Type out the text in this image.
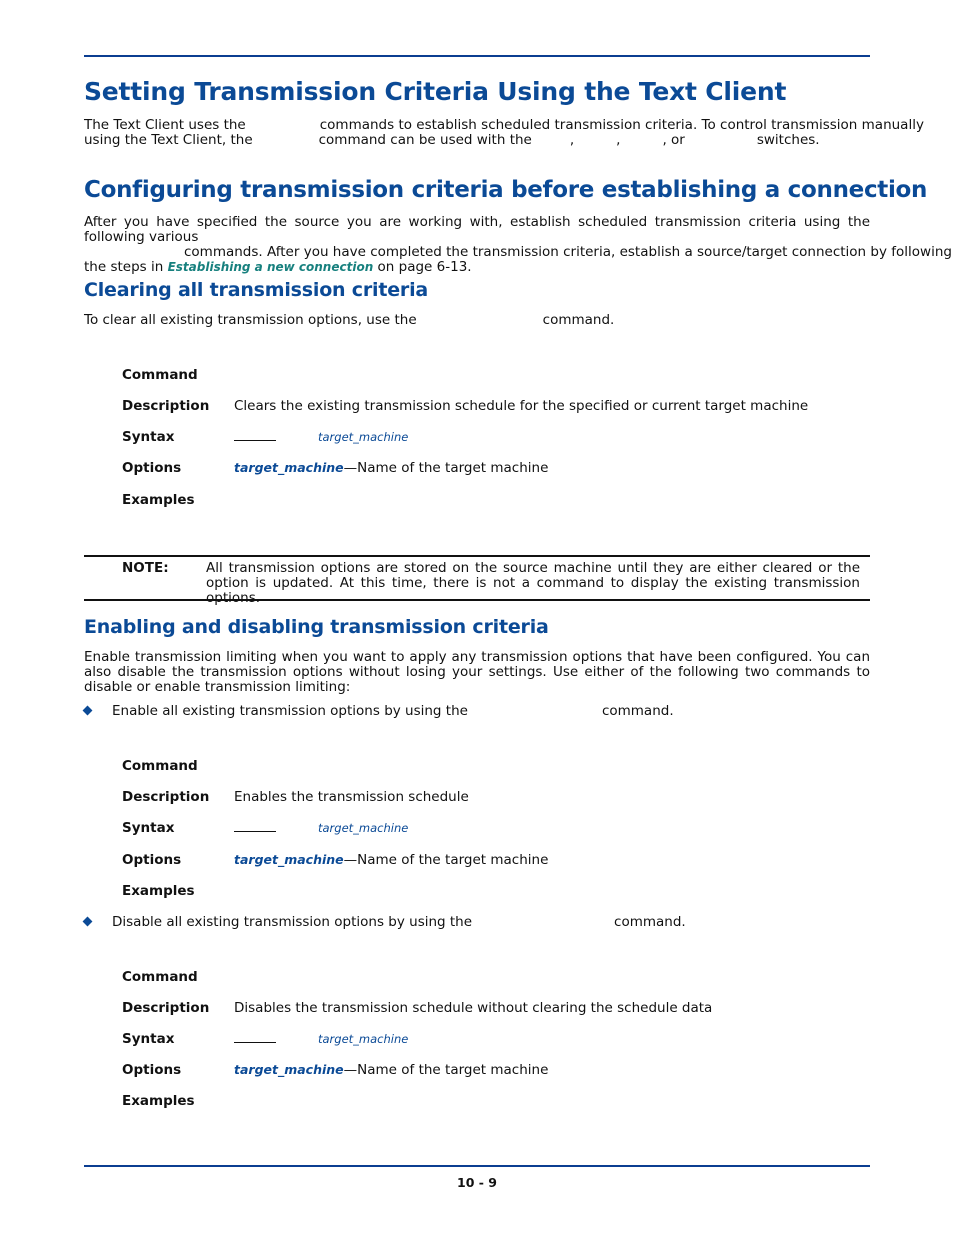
Setting Transmission Criteria Using the Text Client
The Text Client uses the	commands to establish scheduled transmission criteria. To control transmission manually
using the Text Client, the	command can be used with the	,	,	, or	switches.
Configuring transmission criteria before establishing a connection
After you have specified the source you are working with, establish scheduled transmission criteria using the following various
commands. After you have completed the transmission criteria, establish a source/target connection by following
the steps in Establishing a new connection on page 6-13.
Clearing all transmission criteria
To clear all existing transmission options, use the	command.
Command
Description Clears the existing transmission schedule for the specified or current target machine
Syntax	target_machine
Options	target_machine—Name of the target machine
Examples
NOTE:	All transmission options are stored on the source machine until they are either cleared or the option is updated. At this time, there is not a command to display the existing transmission options.
Enabling and disabling transmission criteria
Enable transmission limiting when you want to apply any transmission options that have been configured. You can also disable the transmission options without losing your settings. Use either of the following two commands to disable or enable transmission limiting:
Enable all existing transmission options by using the	command.
Command
Description Enables the transmission schedule
Syntax	target_machine
Options	target_machine—Name of the target machine
Examples
Disable all existing transmission options by using the	command.
Command
Description Disables the transmission schedule without clearing the schedule data
Syntax	target_machine
Options	target_machine—Name of the target machine
Examples
10 - 9
